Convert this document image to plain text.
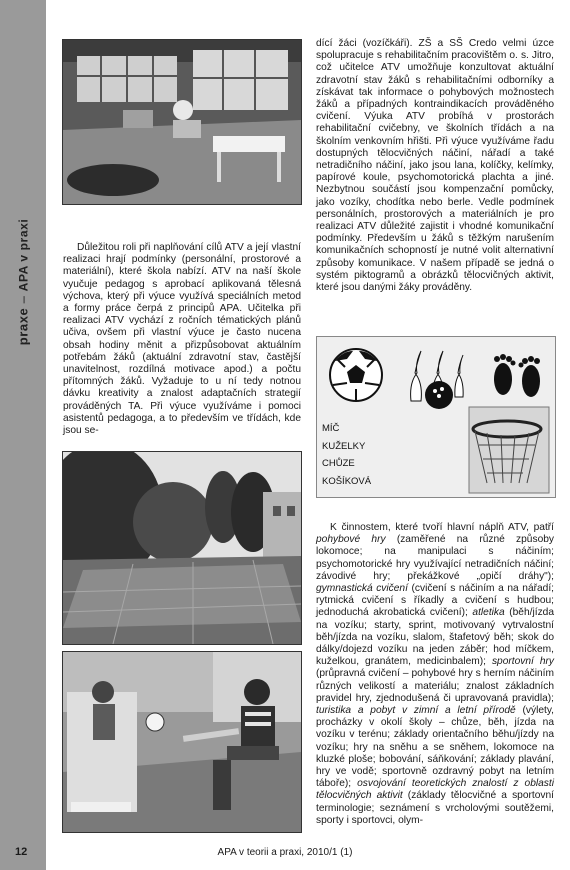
praxe – APA v praxi	Důležitou roli při naplňování cílů ATV a její vlastní realizaci hrají podmínky (personální, prostorové a materiální), které škola nabízí. ATV na naší škole vyučuje pedagog s aprobací aplikovaná tělesná výchova, který při výuce využívá speciálních metod a formy práce čerpá z principů APA. Učitelka při realizaci ATV vychází z ročních tématických plánů učiva, ovšem při vlastní výuce je často nucena obsah hodiny měnit a přizpůsobovat aktuálním potřebám žáků (aktuální zdravotní stav, častější unavitelnost, rozdílná motivace apod.) a počtu přítomných žáků. Vyžaduje to u ní tedy notnou dávku kreativity a znalost adaptačních strategií prováděných TA. Při výuce využíváme i pomoci asistentů pedagoga, a to především ve třídách, kde jsou se-

dící žáci (vozíčkáři). ZŠ a SŠ Credo velmi úzce spolupracuje s rehabilitačním pracovištěm o. s. Jitro, což učitelce ATV umožňuje konzultovat aktuální zdravotní stav žáků s rehabilitačními odborníky a získávat tak informace o pohybových možnostech žáků a případných kontraindikacích prováděného cvičení. Výuka ATV probíhá v prostorách rehabilitační cvičebny, ve školních třídách a na školním venkovním hřišti. Při výuce využíváme řadu dostupných tělocvičných náčiní, nářadí a také netradičního náčiní, jako jsou lana, kolíčky, kelímky, papírové koule, psychomotorická plachta a jiné. Nezbytnou součástí jsou kompenzační pomůcky, jako vozíky, chodítka nebo berle. Vedle podmínek personálních, prostorových a materiálních je pro realizaci ATV důležité zajistit i vhodné komunikační podmínky. Především u žáků s těžkým narušením komunikačních schopností je nutné volit alternativní způsoby komunikace. V našem případě se jedná o systém piktogramů a obrázků tělocvičných aktivit, které jsou danými žáky prováděny.

MÍČ
KUŽELKY
CHŮZE
KOŠÍKOVÁ

K činnostem, které tvoří hlavní náplň ATV, patří pohybové hry (zaměřené na různé způsoby lokomoce; na manipulaci s náčiním; psychomotorické hry využívající netradičních náčiní; závodivé hry; překážkové „opičí dráhy"); gymnastická cvičení (cvičení s náčiním a na nářadí; rytmická cvičení s říkadly a cvičení s hudbou; jednoduchá akrobatická cvičení); atletika (běh/jízda na vozíku; starty, sprint, motivovaný vytrvalostní běh/jízda na vozíku, slalom, štafetový běh; skok do dálky/dojezd vozíku na jeden záběr; hod míčkem, kuželkou, granátem, medicinbalem); sportovní hry (průpravná cvičení – pohybové hry s herním náčiním různých velikostí a materiálu; znalost základních pravidel hry, zjednodušená či upravovaná pravidla); turistika a pobyt v zimní a letní přírodě (výlety, procházky v okolí školy – chůze, běh, jízda na vozíku v terénu; základy orientačního běhu/jízdy na vozíku; hry na sněhu a se sněhem, lokomoce na kluzké ploše; bobování, sáňkování; základy plavání, hry ve vodě; sportovně ozdravný pobyt na letním táboře); osvojování teoretických znalostí z oblasti tělocvičných aktivit (základy tělocvičné a sportovní terminologie; seznámení s vrcholovými soutěžemi, sporty i sportovci, olym-

12	APA v teorii a praxi, 2010/1 (1)
